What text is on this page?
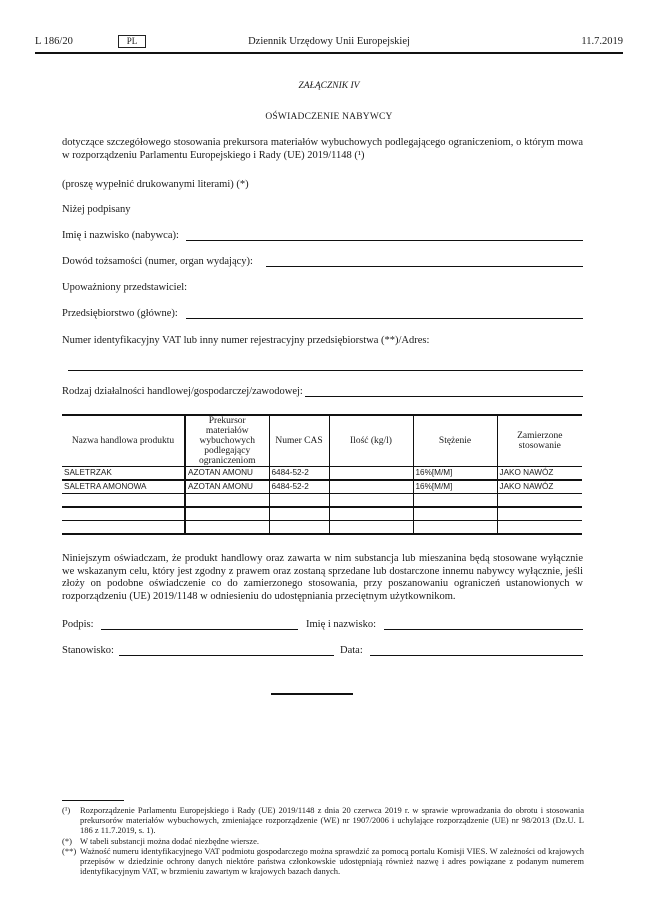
L 186/20	PL	Dziennik Urzędowy Unii Europejskiej	11.7.2019
ZAŁĄCZNIK IV
OŚWIADCZENIE NABYWCY
dotyczące szczegółowego stosowania prekursora materiałów wybuchowych podlegającego ograniczeniom, o którym mowa w rozporządzeniu Parlamentu Europejskiego i Rady (UE) 2019/1148 (¹)
(proszę wypełnić drukowanymi literami) (*)
Niżej podpisany
Imię i nazwisko (nabywca):
Dowód tożsamości (numer, organ wydający):
Upoważniony przedstawiciel:
Przedsiębiorstwo (główne):
Numer identyfikacyjny VAT lub inny numer rejestracyjny przedsiębiorstwa (**)/Adres:
Rodzaj działalności handlowej/gospodarczej/zawodowej:
Nazwa handlowa produktu	Prekursor materiałów wybuchowych podlegający ograniczeniom	Numer CAS	Ilość (kg/l)	Stężenie	Zamierzone stosowanie
SALETRZAK	AZOTAN AMONU	6484-52-2		16%[M/M]	JAKO NAWÓZ
SALETRA AMONOWA	AZOTAN AMONU	6484-52-2		16%[M/M]	JAKO NAWÓZ

Niniejszym oświadczam, że produkt handlowy oraz zawarta w nim substancja lub mieszanina będą stosowane wyłącznie we wskazanym celu, który jest zgodny z prawem oraz zostaną sprzedane lub dostarczone innemu nabywcy wyłącznie, jeśli złoży on podobne oświadczenie co do zamierzonego stosowania, przy poszanowaniu ograniczeń ustanowionych w rozporządzeniu (UE) 2019/1148 w odniesieniu do udostępniania przeciętnym użytkownikom.
Podpis:	Imię i nazwisko:
Stanowisko:	Data:
(¹) Rozporządzenie Parlamentu Europejskiego i Rady (UE) 2019/1148 z dnia 20 czerwca 2019 r. w sprawie wprowadzania do obrotu i stosowania prekursorów materiałów wybuchowych, zmieniające rozporządzenie (WE) nr 1907/2006 i uchylające rozporządzenie (UE) nr 98/2013 (Dz.U. L 186 z 11.7.2019, s. 1).
(*) W tabeli substancji można dodać niezbędne wiersze.
(**) Ważność numeru identyfikacyjnego VAT podmiotu gospodarczego można sprawdzić za pomocą portalu Komisji VIES. W zależności od krajowych przepisów w dziedzinie ochrony danych niektóre państwa członkowskie udostępniają również nazwę i adres powiązane z podanym numerem identyfikacyjnym VAT, w brzmieniu zawartym w krajowych bazach danych.
